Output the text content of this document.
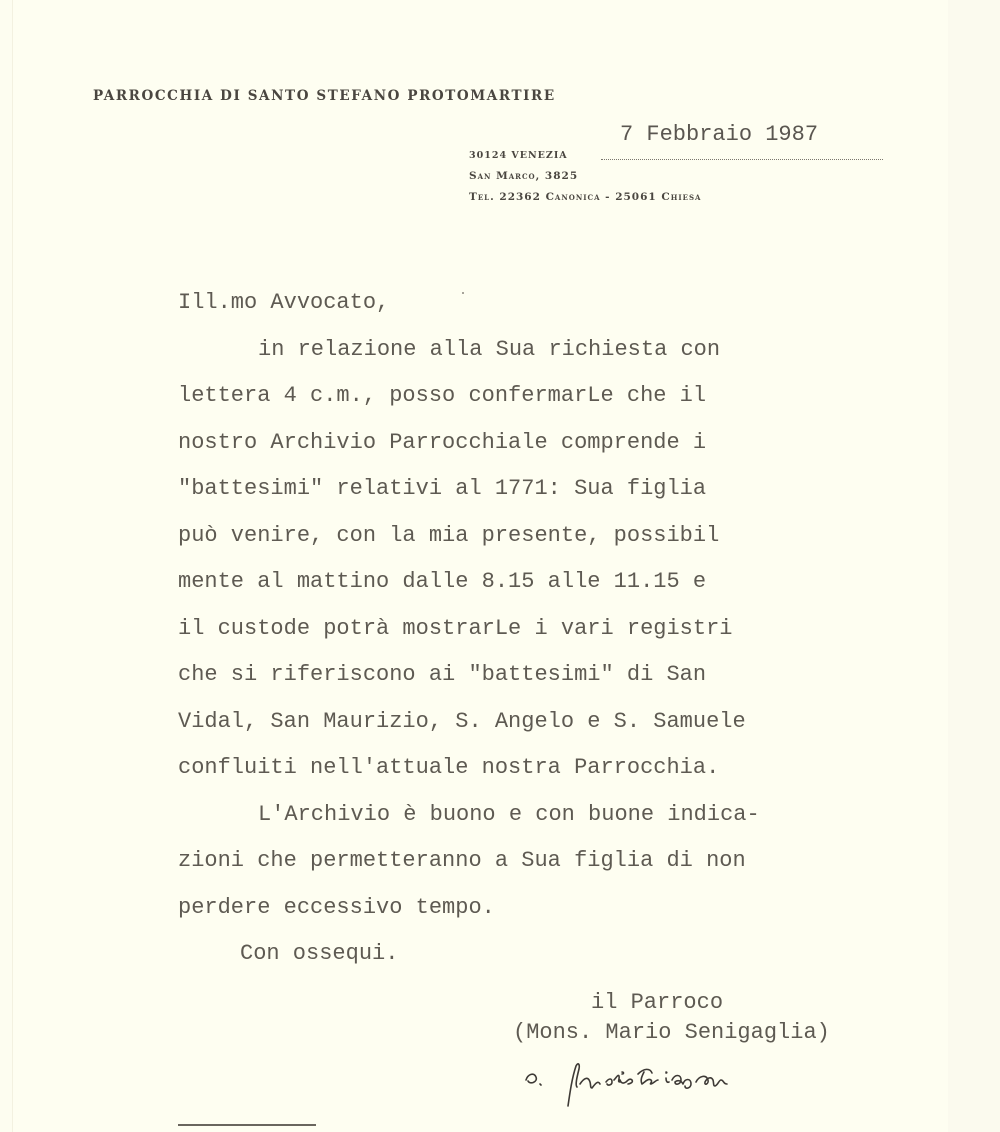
PARROCCHIA DI SANTO STEFANO PROTOMARTIRE
7 Febbraio 1987
30124 VENEZIA
San Marco, 3825
Tel. 22362 Canonica - 25061 Chiesa
Ill.mo Avvocato,
in relazione alla Sua richiesta con
lettera 4 c.m., posso confermarLe che il
nostro Archivio Parrocchiale comprende i
"battesimi" relativi al 1771: Sua figlia
può venire, con la mia presente, possibil
mente al mattino dalle 8.15 alle 11.15 e
il custode potrà mostrarLe i vari registri
che si riferiscono ai "battesimi" di San
Vidal, San Maurizio, S. Angelo e S. Samuele
confluiti nell'attuale nostra Parrocchia.
L'Archivio è buono e con buone indica-
zioni che permetteranno a Sua figlia di non
perdere eccessivo tempo.
Con ossequi.
il Parroco
(Mons. Mario Senigaglia)
